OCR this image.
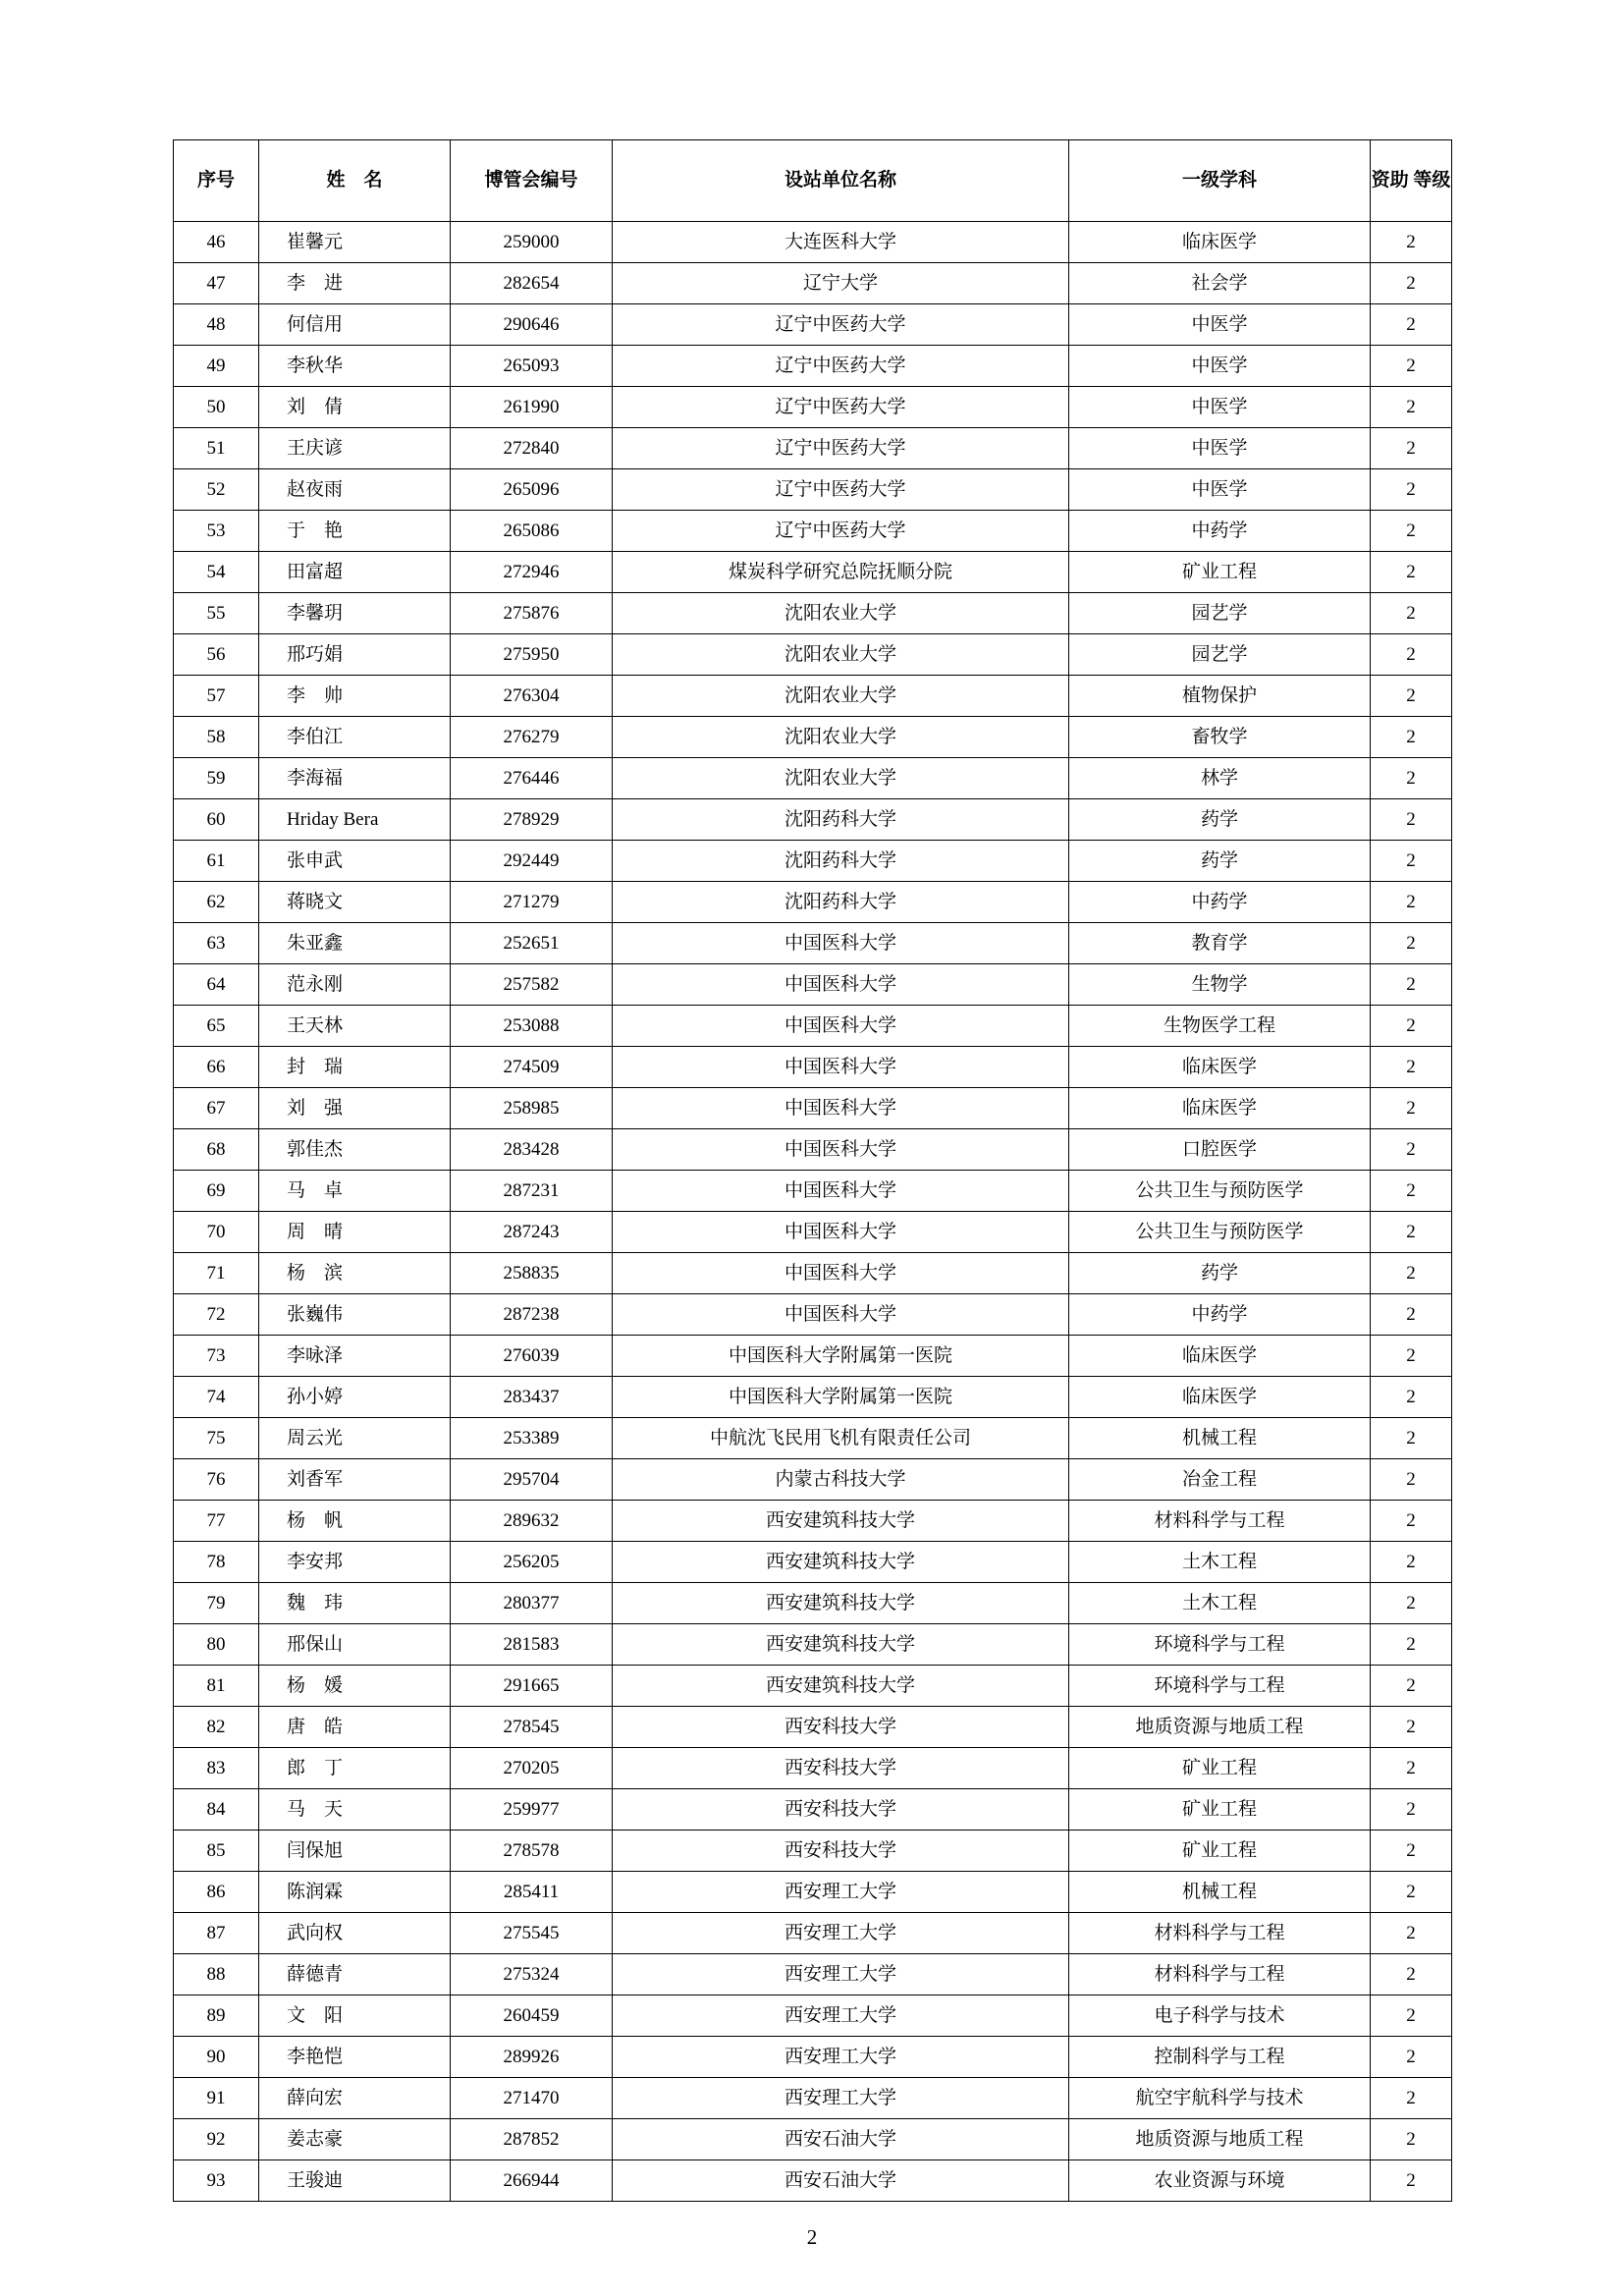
序号	姓　名	博管会编号	设站单位名称	一级学科	资助 等级
46	崔馨元	259000	大连医科大学	临床医学	2
47	李　进	282654	辽宁大学	社会学	2
48	何信用	290646	辽宁中医药大学	中医学	2
49	李秋华	265093	辽宁中医药大学	中医学	2
50	刘　倩	261990	辽宁中医药大学	中医学	2
51	王庆谚	272840	辽宁中医药大学	中医学	2
52	赵夜雨	265096	辽宁中医药大学	中医学	2
53	于　艳	265086	辽宁中医药大学	中药学	2
54	田富超	272946	煤炭科学研究总院抚顺分院	矿业工程	2
55	李馨玥	275876	沈阳农业大学	园艺学	2
56	邢巧娟	275950	沈阳农业大学	园艺学	2
57	李　帅	276304	沈阳农业大学	植物保护	2
58	李伯江	276279	沈阳农业大学	畜牧学	2
59	李海福	276446	沈阳农业大学	林学	2
60	Hriday Bera	278929	沈阳药科大学	药学	2
61	张申武	292449	沈阳药科大学	药学	2
62	蒋晓文	271279	沈阳药科大学	中药学	2
63	朱亚鑫	252651	中国医科大学	教育学	2
64	范永刚	257582	中国医科大学	生物学	2
65	王天林	253088	中国医科大学	生物医学工程	2
66	封　瑞	274509	中国医科大学	临床医学	2
67	刘　强	258985	中国医科大学	临床医学	2
68	郭佳杰	283428	中国医科大学	口腔医学	2
69	马　卓	287231	中国医科大学	公共卫生与预防医学	2
70	周　晴	287243	中国医科大学	公共卫生与预防医学	2
71	杨　滨	258835	中国医科大学	药学	2
72	张巍伟	287238	中国医科大学	中药学	2
73	李咏泽	276039	中国医科大学附属第一医院	临床医学	2
74	孙小婷	283437	中国医科大学附属第一医院	临床医学	2
75	周云光	253389	中航沈飞民用飞机有限责任公司	机械工程	2
76	刘香军	295704	内蒙古科技大学	冶金工程	2
77	杨　帆	289632	西安建筑科技大学	材料科学与工程	2
78	李安邦	256205	西安建筑科技大学	土木工程	2
79	魏　玮	280377	西安建筑科技大学	土木工程	2
80	邢保山	281583	西安建筑科技大学	环境科学与工程	2
81	杨　媛	291665	西安建筑科技大学	环境科学与工程	2
82	唐　皓	278545	西安科技大学	地质资源与地质工程	2
83	郎　丁	270205	西安科技大学	矿业工程	2
84	马　天	259977	西安科技大学	矿业工程	2
85	闫保旭	278578	西安科技大学	矿业工程	2
86	陈润霖	285411	西安理工大学	机械工程	2
87	武向权	275545	西安理工大学	材料科学与工程	2
88	薛德青	275324	西安理工大学	材料科学与工程	2
89	文　阳	260459	西安理工大学	电子科学与技术	2
90	李艳恺	289926	西安理工大学	控制科学与工程	2
91	薛向宏	271470	西安理工大学	航空宇航科学与技术	2
92	姜志豪	287852	西安石油大学	地质资源与地质工程	2
93	王骏迪	266944	西安石油大学	农业资源与环境	2
2
